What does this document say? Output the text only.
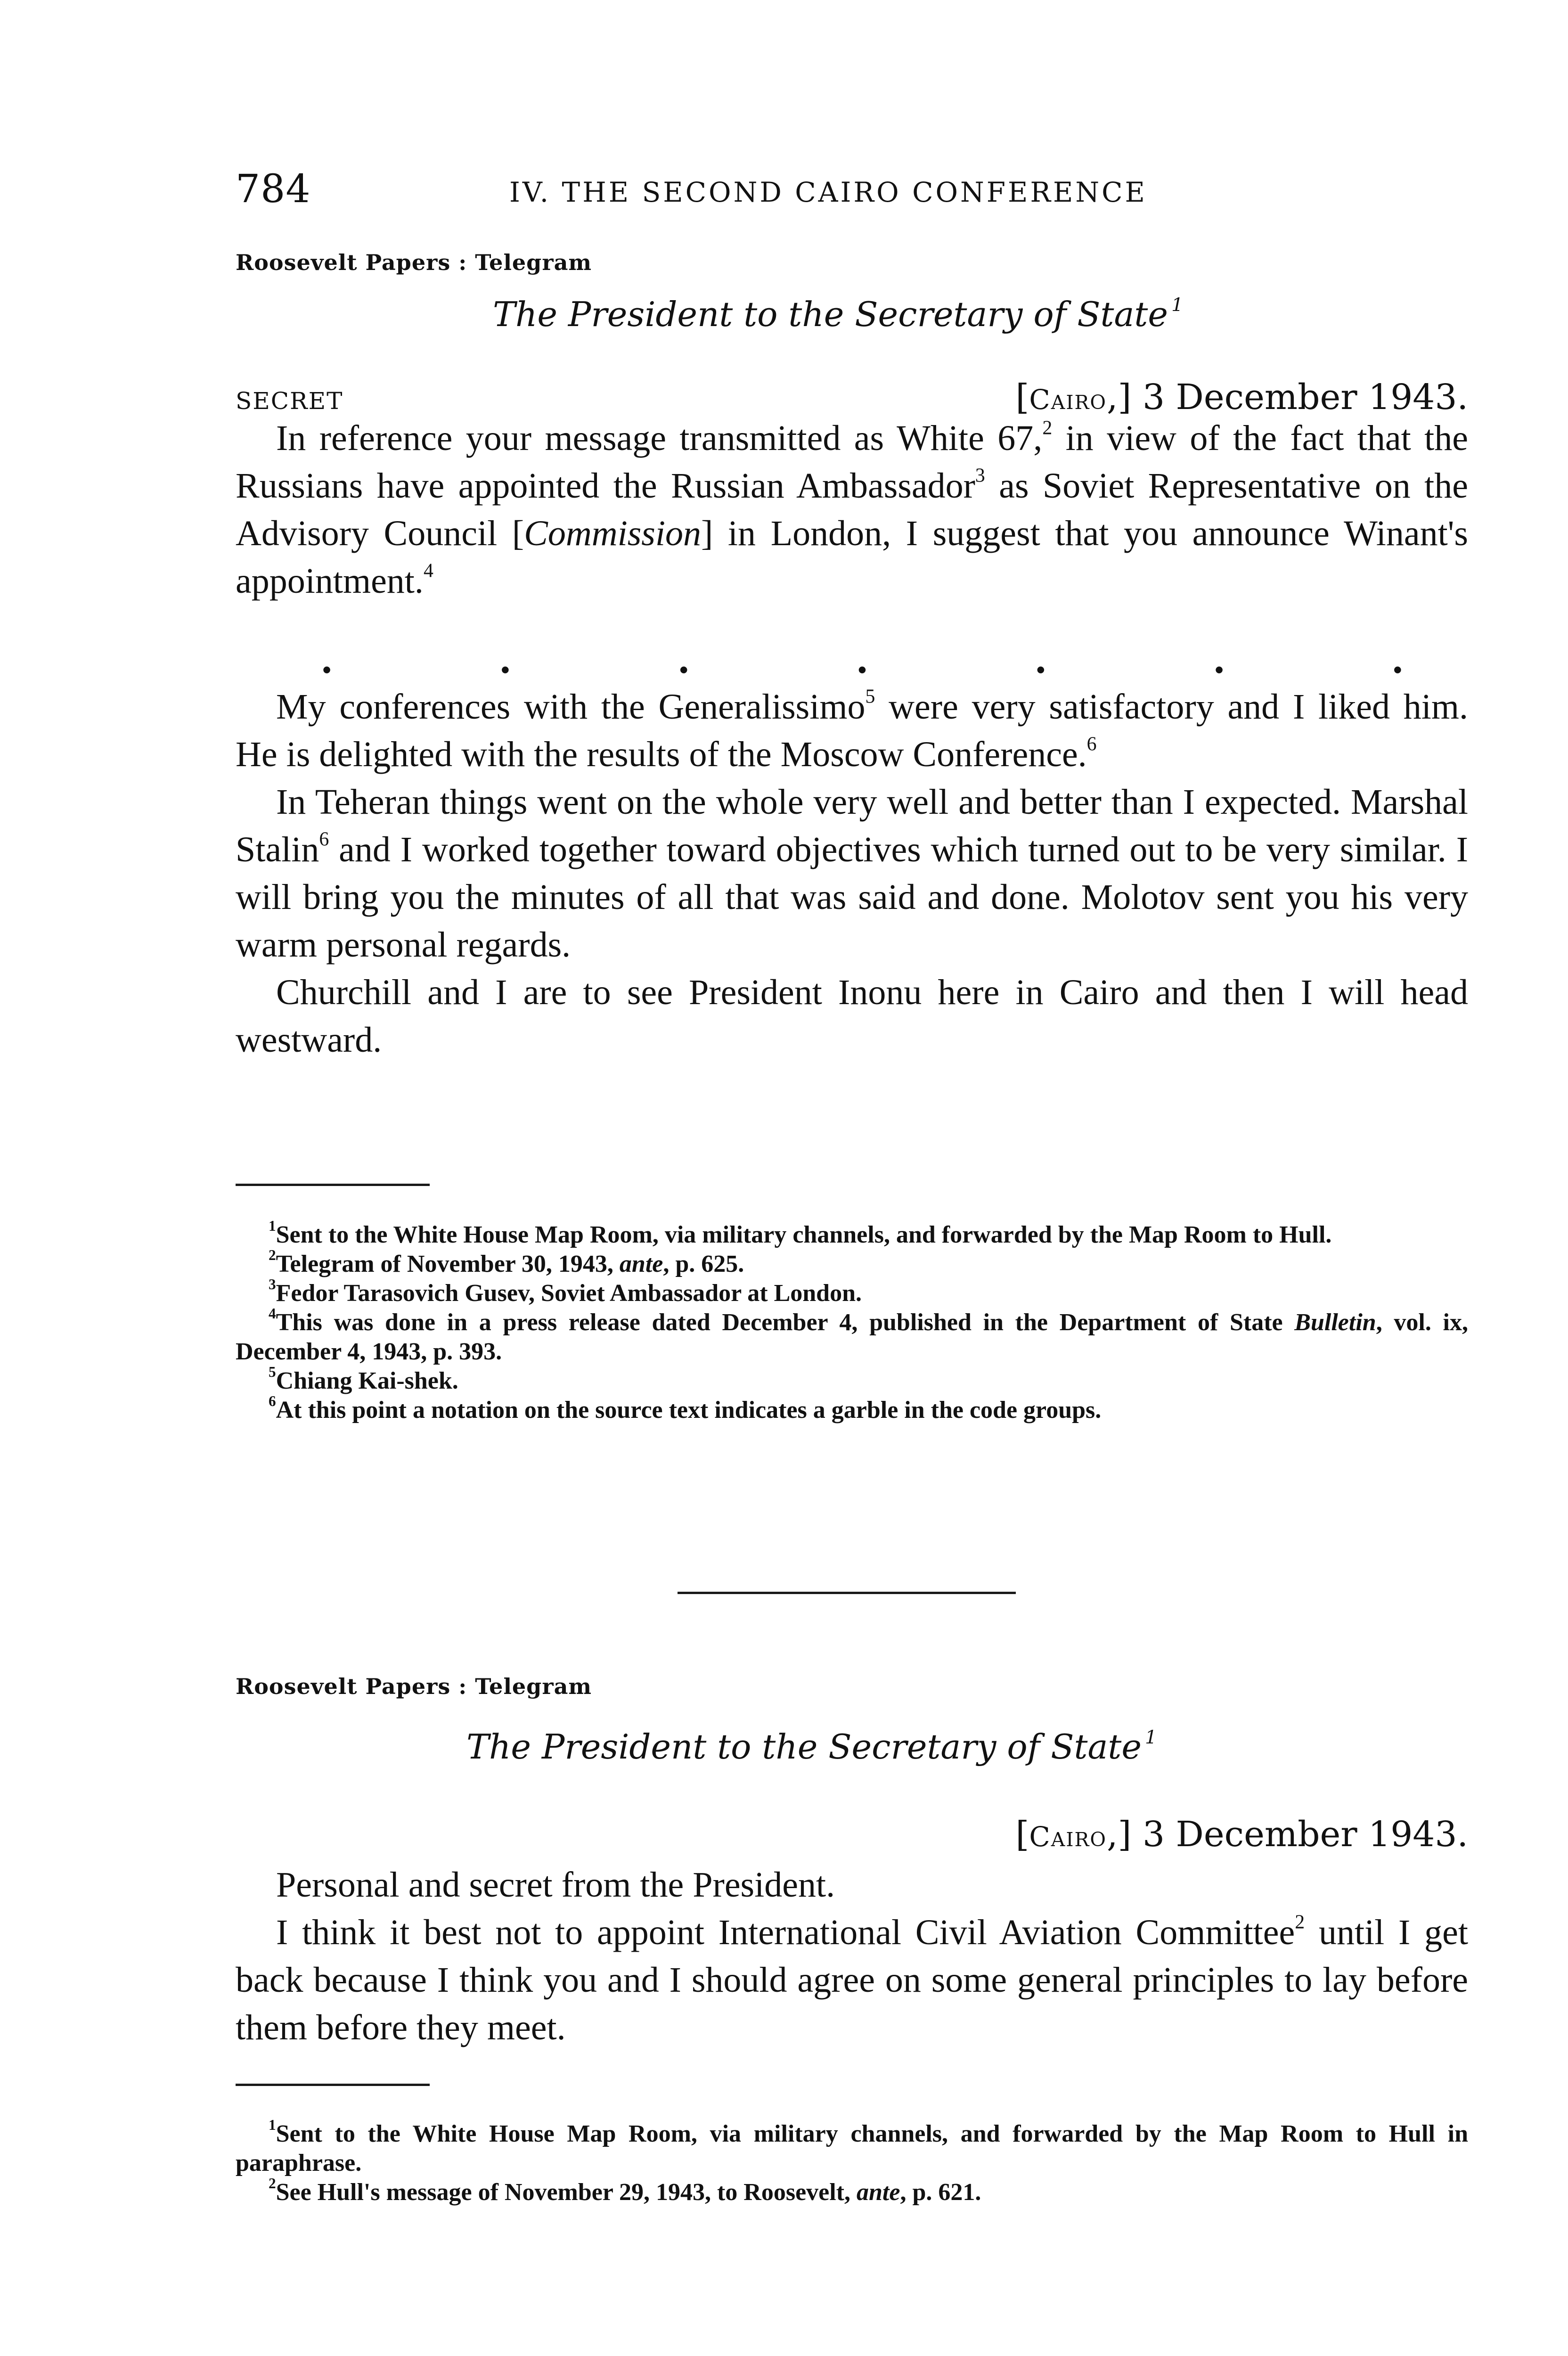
784	IV. THE SECOND CAIRO CONFERENCE
Roosevelt Papers : Telegram
The President to the Secretary of State  $^1$
SECRET	[Cairo,] 3 December 1943.

In reference your message transmitted as White 67,$^2$ in view of the fact that the Russians have appointed the Russian Ambassador$^3$ as Soviet Representative on the Advisory Council [Commission] in London, I suggest that you announce Winant's appointment.$^4$

.	.	.	.	.	.	.

My conferences with the Generalissimo$^5$ were very satisfactory and I liked him. He is delighted with the results of the Moscow Conference.$^6$

In Teheran things went on the whole very well and better than I expected. Marshal Stalin$^6$ and I worked together toward objectives which turned out to be very similar. I will bring you the minutes of all that was said and done. Molotov sent you his very warm personal regards.

Churchill and I are to see President Inonu here in Cairo and then I will head westward.

$^1$Sent to the White House Map Room, via military channels, and forwarded by the Map Room to Hull.

$^2$Telegram of November 30, 1943, ante, p. 625.

$^3$Fedor Tarasovich Gusev, Soviet Ambassador at London.

$^4$This was done in a press release dated December 4, published in the Department of State Bulletin, vol. ix, December 4, 1943, p. 393.

$^5$Chiang Kai-shek.

$^6$At this point a notation on the source text indicates a garble in the code groups.

Roosevelt Papers : Telegram
The President to the Secretary of State  $^1$
[Cairo,] 3 December 1943.

Personal and secret from the President.

I think it best not to appoint International Civil Aviation Committee$^2$ until I get back because I think you and I should agree on some general principles to lay before them before they meet.

$^1$Sent to the White House Map Room, via military channels, and forwarded by the Map Room to Hull in paraphrase.

$^2$See Hull's message of November 29, 1943, to Roosevelt, ante, p. 621.
